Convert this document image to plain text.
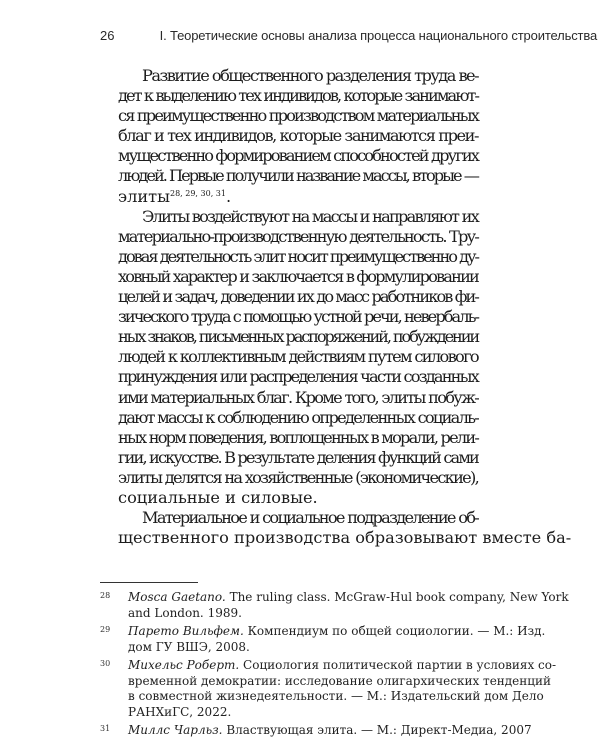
26	I. Теоретические основы анализа процесса национального строительства

Развитие общественного разделения труда ве-
дет к выделению тех индивидов, которые занимают-
ся преимущественно производством материальных
благ и тех индивидов, которые занимаются преи-
мущественно формированием способностей других
людей. Первые получили название массы, вторые —
элиты$^{28, 29, 30, 31}$.

Элиты воздействуют на массы и направляют их
материально-производственную деятельность. Тру-
довая деятельность элит носит преимущественно ду-
ховный характер и заключается в формулировании
целей и задач, доведении их до масс работников фи-
зического труда с помощью устной речи, невербаль-
ных знаков, письменных распоряжений, побуждении
людей к коллективным действиям путем силового
принуждения или распределения части созданных
ими материальных благ. Кроме того, элиты побуж-
дают массы к соблюдению определенных социаль-
ных норм поведения, воплощенных в морали, рели-
гии, искусстве. В результате деления функций сами
элиты делятся на хозяйственные (экономические),
социальные и силовые.

Материальное и социальное подразделение об-
щественного производства образовывают вместе ба-

28 Mosca Gaetano. The ruling class. McGraw-Hul book company, New York
and London. 1989.
29 Парето Вильфем. Компендиум по общей социологии. — М.: Изд.
дом ГУ ВШЭ, 2008.
30 Михельс Роберт. Социология политической партии в условиях со-
временной демократии: исследование олигархических тенденций
в совместной жизнедеятельности. — М.: Издательский дом Дело
РАНХиГС, 2022.
31 Миллс Чарльз. Властвующая элита. — М.: Директ-Медиа, 2007
